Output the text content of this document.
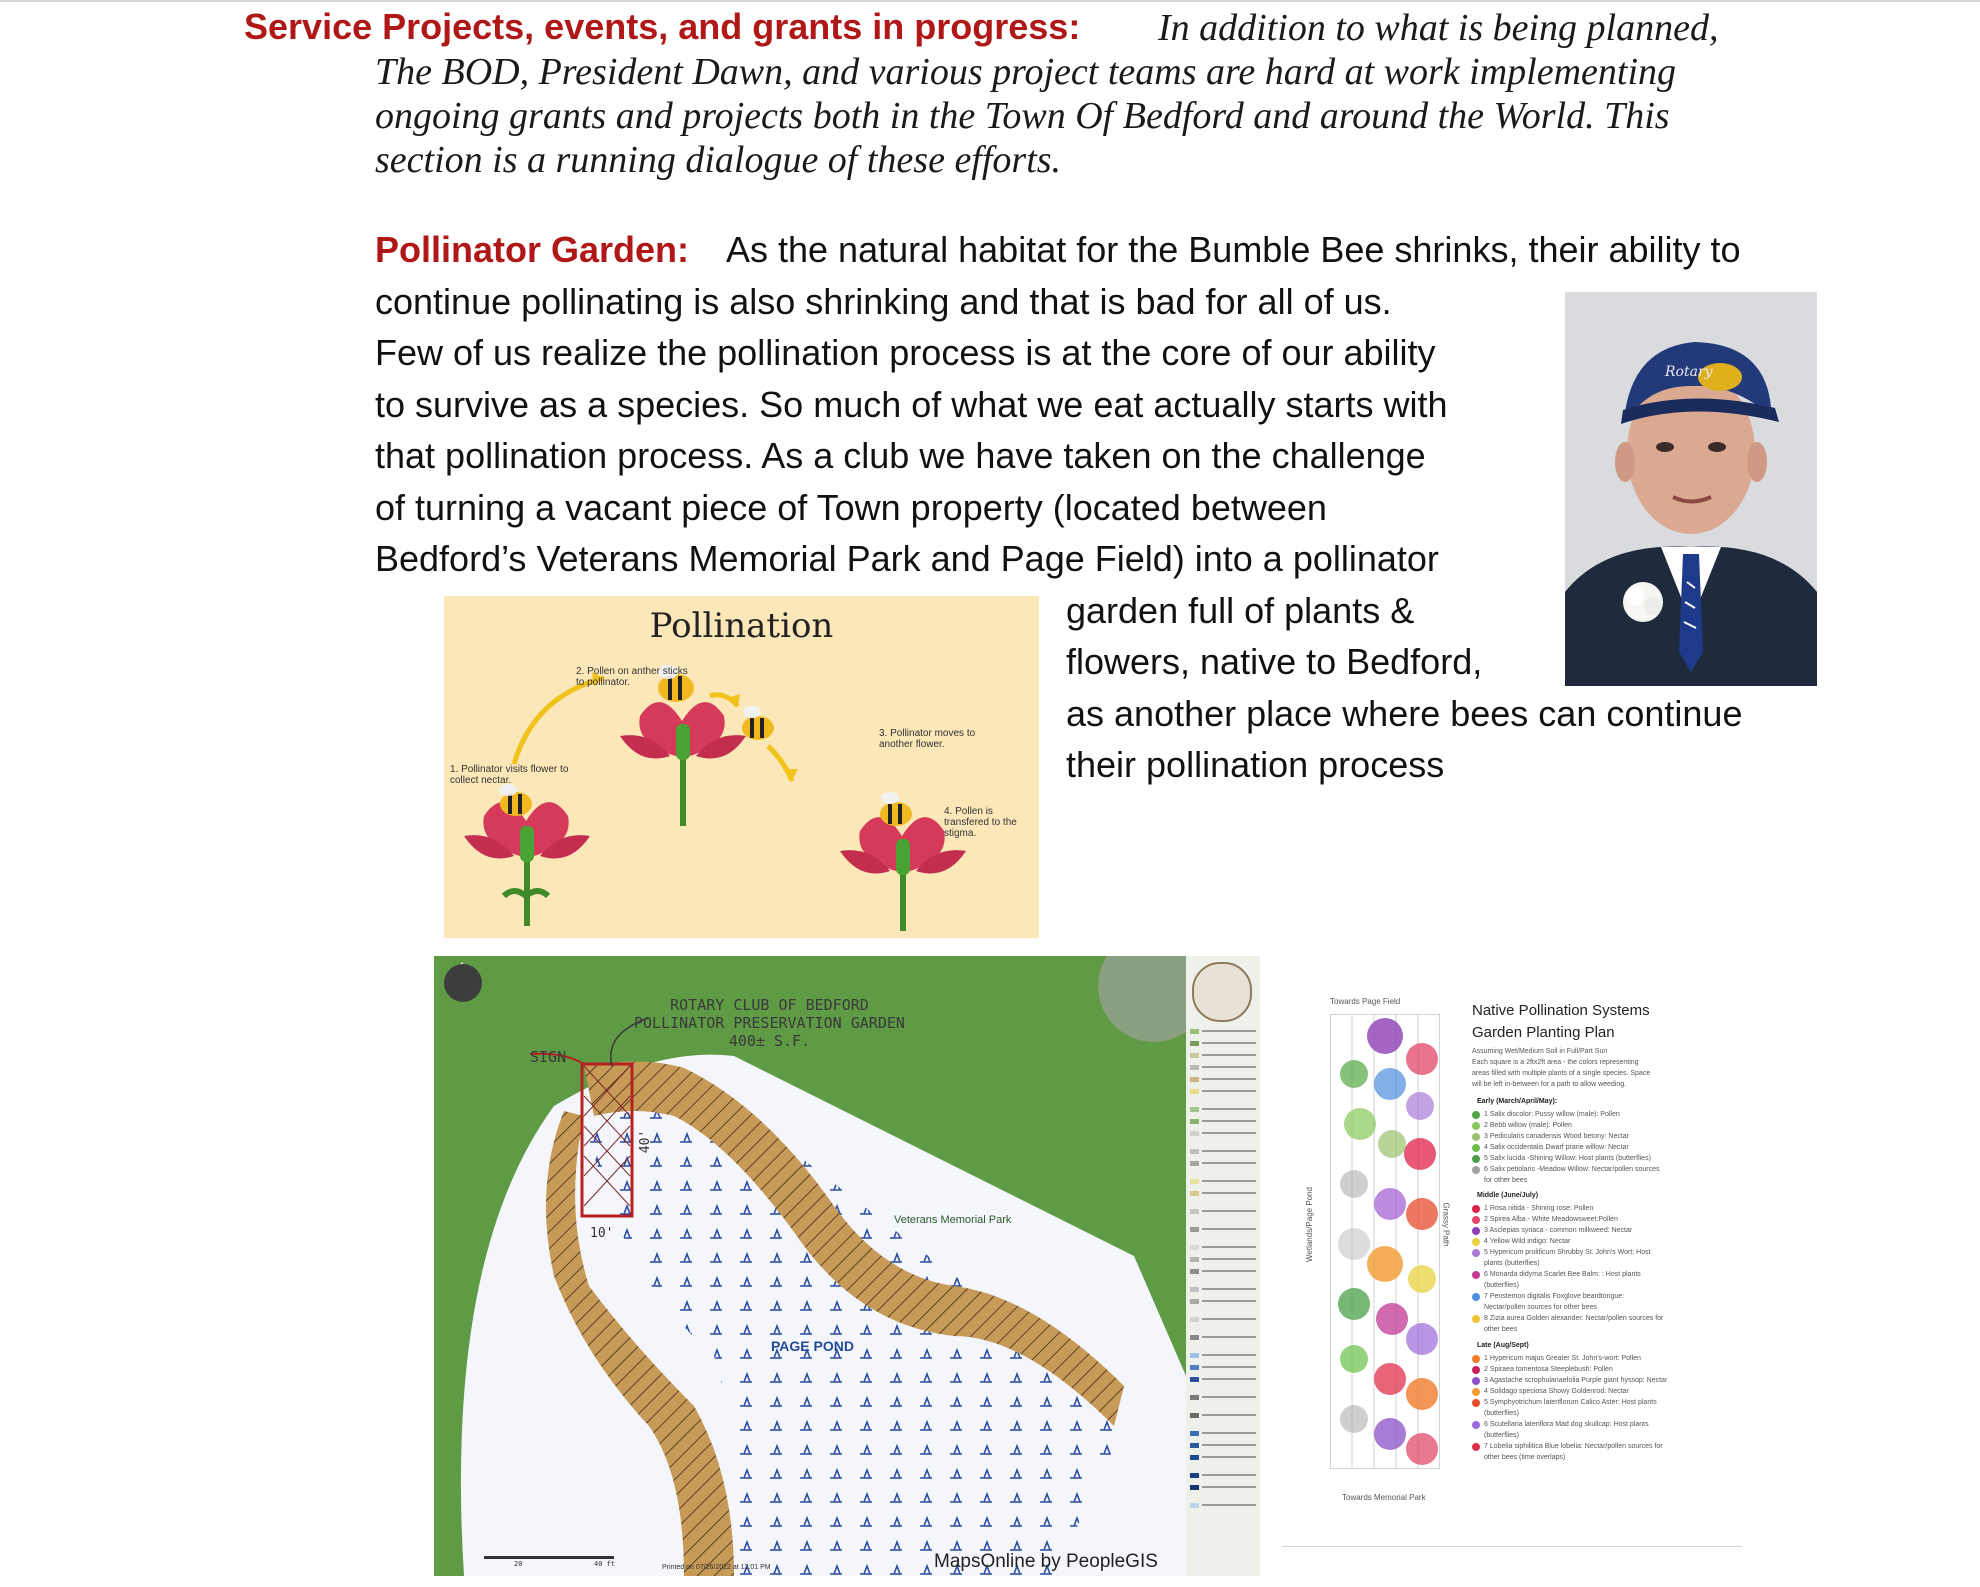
Service Projects, events, and grants in progress: In addition to what is being planned,
The BOD, President Dawn, and various project teams are hard at work implementing
ongoing grants and projects both in the Town Of Bedford and around the World. This
section is a running dialogue of these efforts.
Pollinator Garden: As the natural habitat for the Bumble Bee shrinks, their ability to
continue pollinating is also shrinking and that is bad for all of us.
Few of us realize the pollination process is at the core of our ability
to survive as a species. So much of what we eat actually starts with
that pollination process. As a club we have taken on the challenge
of turning a vacant piece of Town property (located between
Bedford’s Veterans Memorial Park and Page Field) into a pollinator
garden full of plants &
flowers, native to Bedford,
as another place where bees can continue
their pollination process
Rotary
Pollination
1. Pollinator visits flower to collect nectar.
2. Pollen on anther sticks to pollinator.
3. Pollinator moves to another flower.
4. Pollen is transfered to the stigma.
ROTARY CLUB OF BEDFORD
POLLINATOR PRESERVATION GARDEN
400± S.F.
SIGN
40'
10'
Veterans Memorial Park
PAGE POND
Printed on 07/26/2022 at 12:01 PM	MapsOnline by PeopleGIS
20	40 ft
Towards Page Field
Towards Memorial Park
Wetlands/Page Pond	Grassy Path
Native Pollination Systems
Garden Planting Plan
Assuming Wet/Medium Soil in Full/Part Sun
Each square is a 2ftx2ft area - the colors representing
areas filled with multiple plants of a single species. Space
will be left in-between for a path to allow weeding.
Early (March/April/May):
1 Salix discolor: Pussy willow (male): Pollen
2 Bebb willow (male): Pollen
3 Pedicularis canadensis Wood betony: Nectar
4 Salix occidentalis Dwarf prarie willow: Nectar
5 Salix lucida -Shining Willow: Host plants (butterflies)
6 Salix petiolaris -Meadow Willow: Nectar/pollen sources
for other bees
Middle (June/July)
1 Rosa nitida - Shining rose: Pollen
2 Spirea Alba - White Meadowsweet:Pollen
3 Asclepias syriaca - common milkweed: Nectar
4 Yellow Wild indigo: Nectar
5 Hypericum prolificum Shrubby St. John's Wort: Host
plants (butterflies)
6 Monarda didyma Scarlet Bee Balm: : Host plants
(butterflies)
7 Penstemon digitalis Foxglove beardtongue:
Nectar/pollen sources for other bees
8 Zizia aurea Golden alexander: Nectar/pollen sources for
other bees
Late (Aug/Sept)
1 Hypericum majus Greater St. John's-wort: Pollen
2 Spiraea tomentosa Steeplebush: Pollen
3 Agastache scrophulariaefolia Purple giant hyssop: Nectar
4 Solidago speciosa Showy Goldenrod: Nectar
5 Symphyotrichum lateriflorum Calico Aster: Host plants
(butterflies)
6 Scutellaria lateriflora Mad dog skullcap: Host plants
(butterflies)
7 Lobelia siphilitica Blue lobelia: Nectar/pollen sources for
other bees (time overlaps)
